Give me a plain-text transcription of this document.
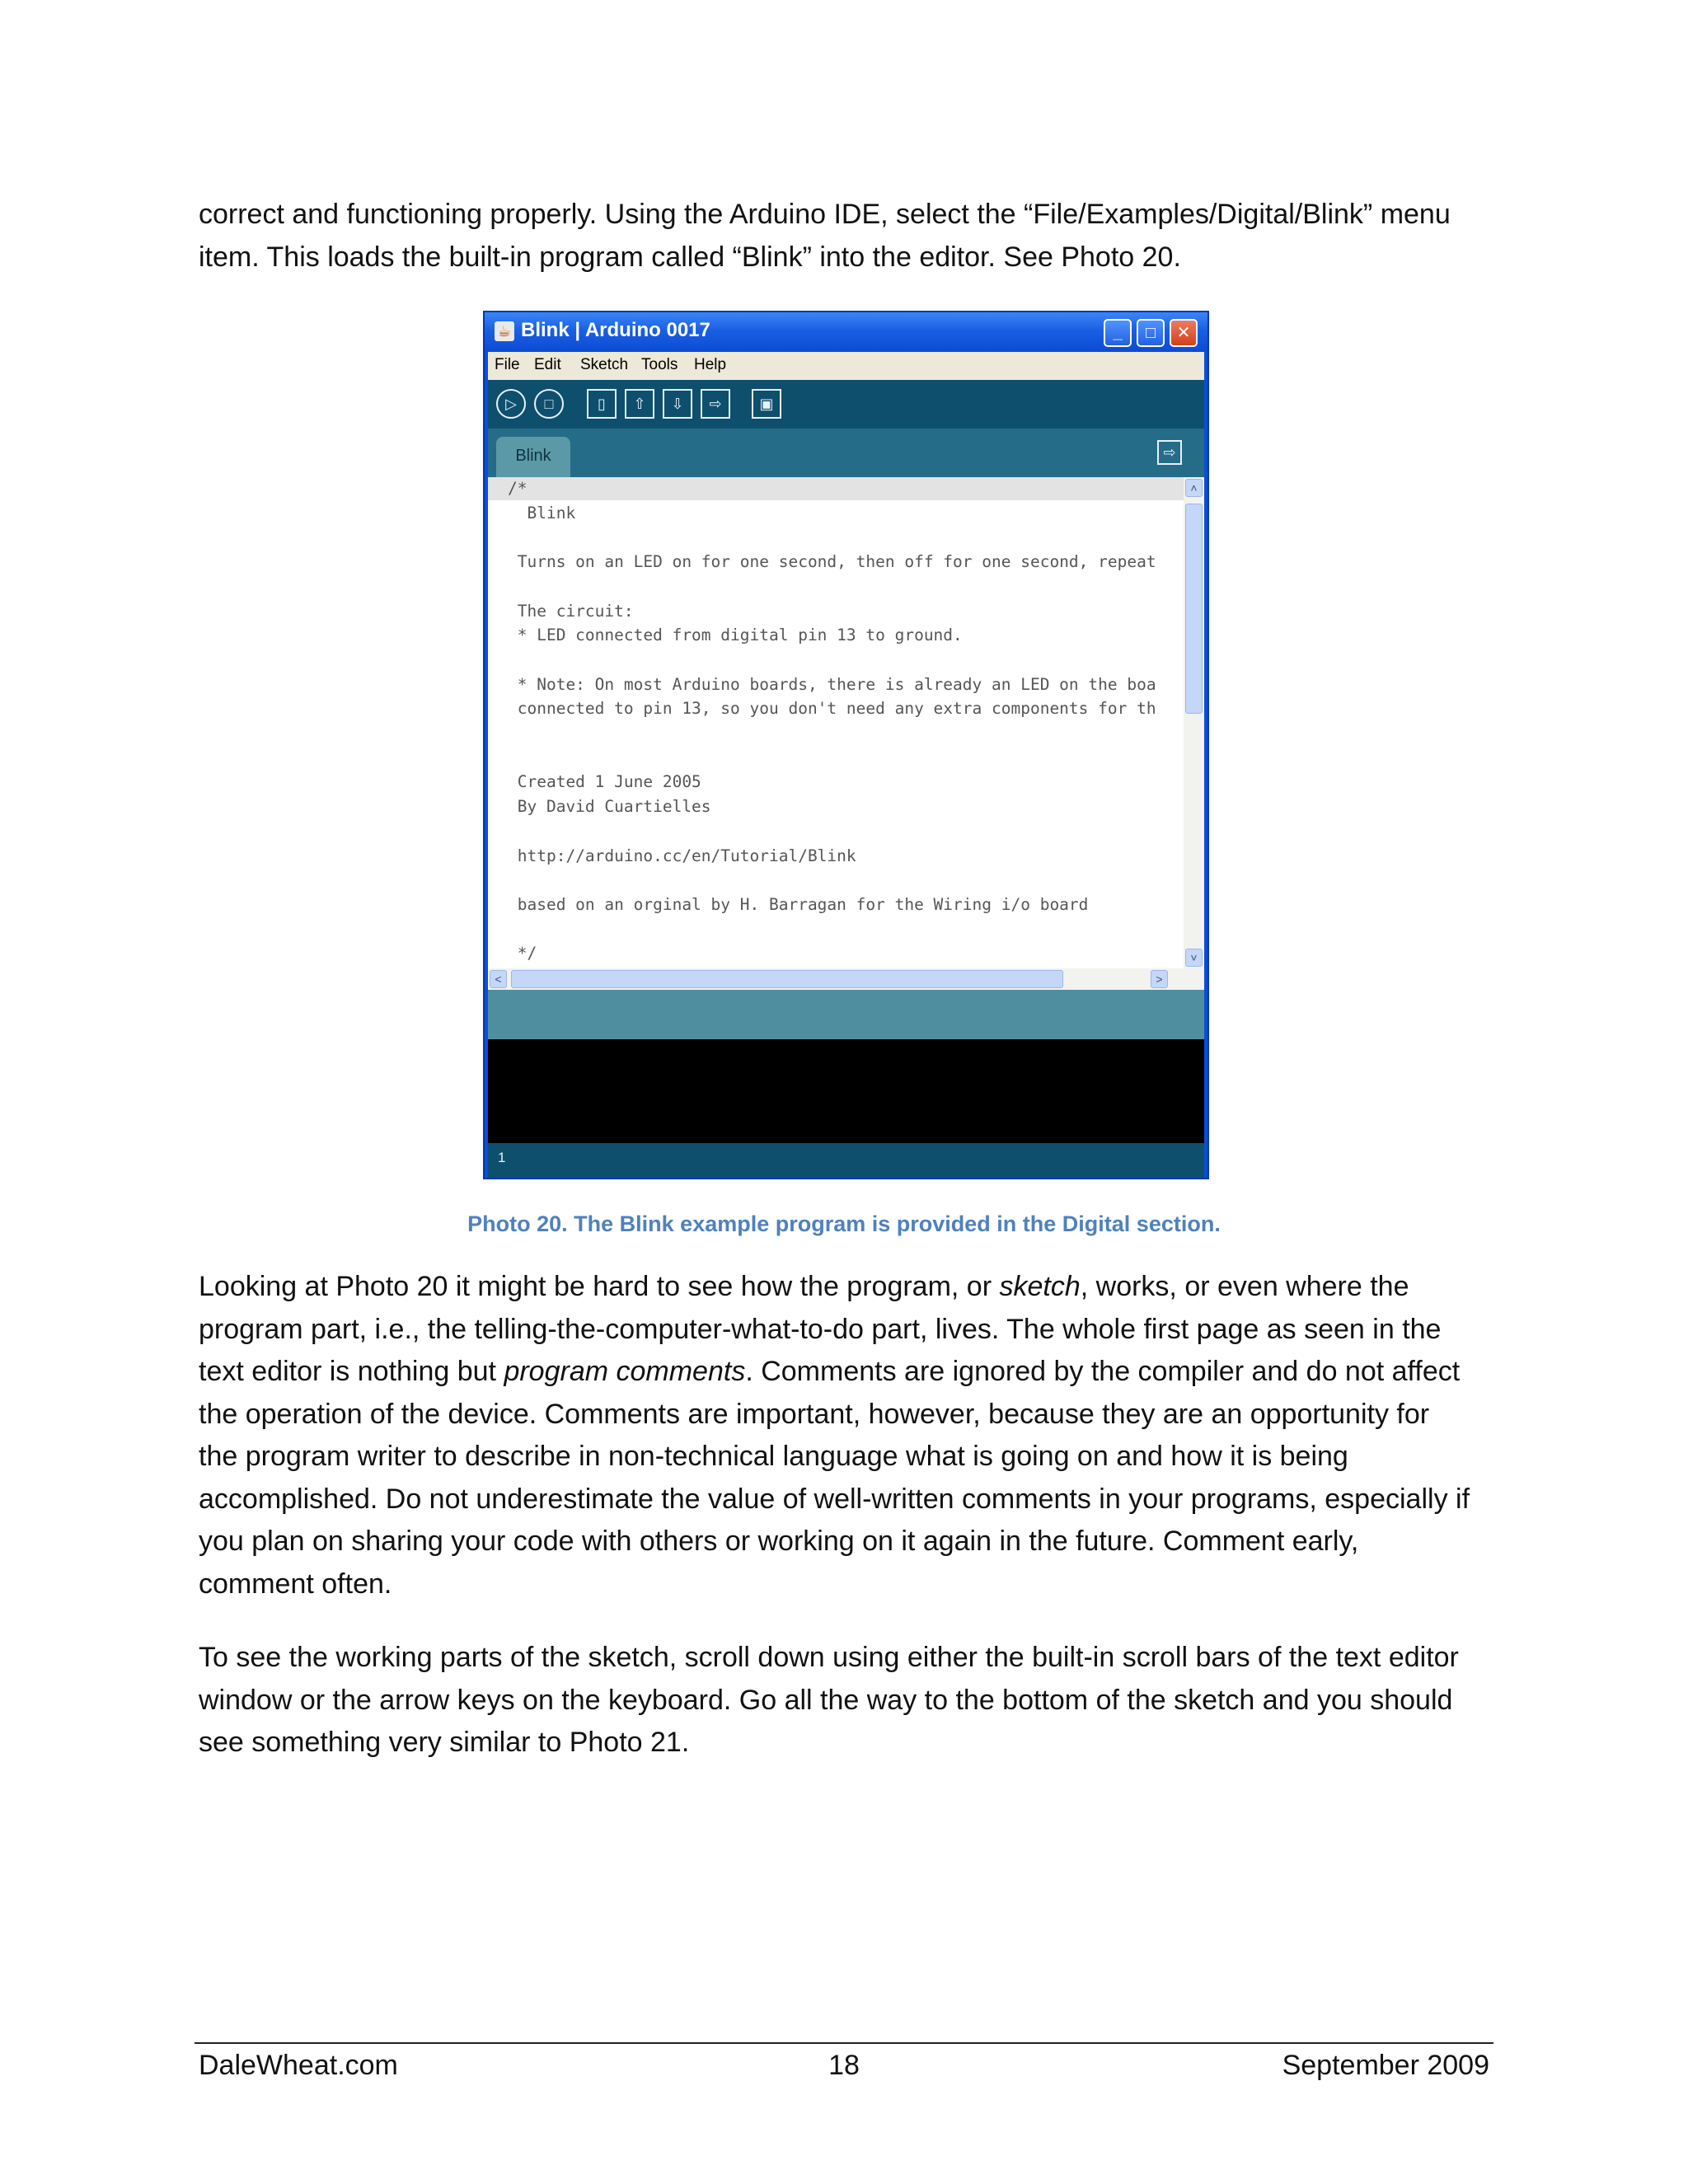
correct and functioning properly. Using the Arduino IDE, select the “File/Examples/Digital/Blink” menu
item. This loads the built-in program called “Blink” into the editor. See Photo 20.

☕ Blink | Arduino 0017	_	□	✕
File Edit Sketch Tools Help
▷	□	▯	⇧	⇩	⇨	▣
Blink	⇨
/*
Blink
Turns on an LED on for one second, then off for one second, repeat
The circuit:
* LED connected from digital pin 13 to ground.
* Note: On most Arduino boards, there is already an LED on the boa
connected to pin 13, so you don't need any extra components for th
Created 1 June 2005
By David Cuartielles
http://arduino.cc/en/Tutorial/Blink
based on an orginal by H. Barragan for the Wiring i/o board
*/
˄
˅
<	>
1
Photo 20. The Blink example program is provided in the Digital section.

Looking at Photo 20 it might be hard to see how the program, or sketch, works, or even where the
program part, i.e., the telling-the-computer-what-to-do part, lives. The whole first page as seen in the
text editor is nothing but program comments. Comments are ignored by the compiler and do not affect
the operation of the device. Comments are important, however, because they are an opportunity for
the program writer to describe in non-technical language what is going on and how it is being
accomplished. Do not underestimate the value of well-written comments in your programs, especially if
you plan on sharing your code with others or working on it again in the future. Comment early,
comment often.

To see the working parts of the sketch, scroll down using either the built-in scroll bars of the text editor
window or the arrow keys on the keyboard. Go all the way to the bottom of the sketch and you should
see something very similar to Photo 21.

DaleWheat.com	18	September 2009
